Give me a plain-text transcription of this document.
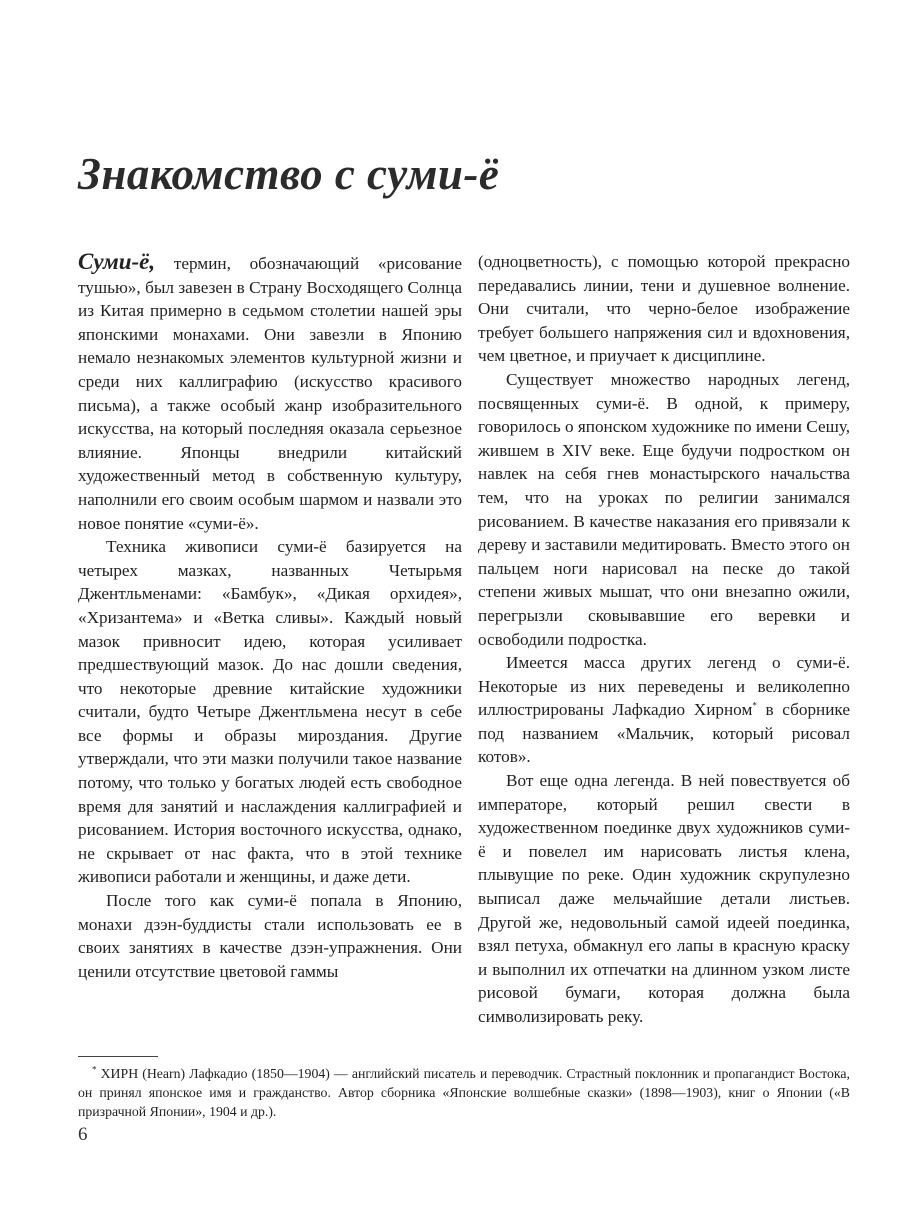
Знакомство с суми-ё

Суми-ё, термин, обозначающий «рисование тушью», был завезен в Страну Восходящего Солнца из Китая примерно в седьмом столетии нашей эры японскими монахами. Они завезли в Японию немало незнакомых элементов культурной жизни и среди них каллиграфию (искусство красивого письма), а также особый жанр изобразительного искусства, на который последняя оказала серьезное влияние. Японцы внедрили китайский художественный метод в собственную культуру, наполнили его своим особым шармом и назвали это новое понятие «суми-ё».

Техника живописи суми-ё базируется на четырех мазках, названных Четырьмя Джентльменами: «Бамбук», «Дикая орхидея», «Хризантема» и «Ветка сливы». Каждый новый мазок привносит идею, которая усиливает предшествующий мазок. До нас дошли сведения, что некоторые древние китайские художники считали, будто Четыре Джентльмена несут в себе все формы и образы мироздания. Другие утверждали, что эти мазки получили такое название потому, что только у богатых людей есть свободное время для занятий и наслаждения каллиграфией и рисованием. История восточного искусства, однако, не скрывает от нас факта, что в этой технике живописи работали и женщины, и даже дети.

После того как суми-ё попала в Японию, монахи дзэн-буддисты стали использовать ее в своих занятиях в качестве дзэн-упражнения. Они ценили отсутствие цветовой гаммы

(одноцветность), с помощью которой прекрасно передавались линии, тени и душевное волнение. Они считали, что черно-белое изображение требует большего напряжения сил и вдохновения, чем цветное, и приучает к дисциплине.

Существует множество народных легенд, посвященных суми-ё. В одной, к примеру, говорилось о японском художнике по имени Сешу, жившем в XIV веке. Еще будучи подростком он навлек на себя гнев монастырского начальства тем, что на уроках по религии занимался рисованием. В качестве наказания его привязали к дереву и заставили медитировать. Вместо этого он пальцем ноги нарисовал на песке до такой степени живых мышат, что они внезапно ожили, перегрызли сковывавшие его веревки и освободили подростка.

Имеется масса других легенд о суми-ё. Некоторые из них переведены и великолепно иллюстрированы Лафкадио Хирном* в сборнике под названием «Мальчик, который рисовал котов».

Вот еще одна легенда. В ней повествуется об императоре, который решил свести в художественном поединке двух художников суми-ё и повелел им нарисовать листья клена, плывущие по реке. Один художник скрупулезно выписал даже мельчайшие детали листьев. Другой же, недовольный самой идеей поединка, взял петуха, обмакнул его лапы в красную краску и выполнил их отпечатки на длинном узком листе рисовой бумаги, которая должна была символизировать реку.

* ХИРН (Hearn) Лафкадио (1850—1904) — английский писатель и переводчик. Страстный поклонник и пропагандист Востока, он принял японское имя и гражданство. Автор сборника «Японские волшебные сказки» (1898—1903), книг о Японии («В призрачной Японии», 1904 и др.).

6
